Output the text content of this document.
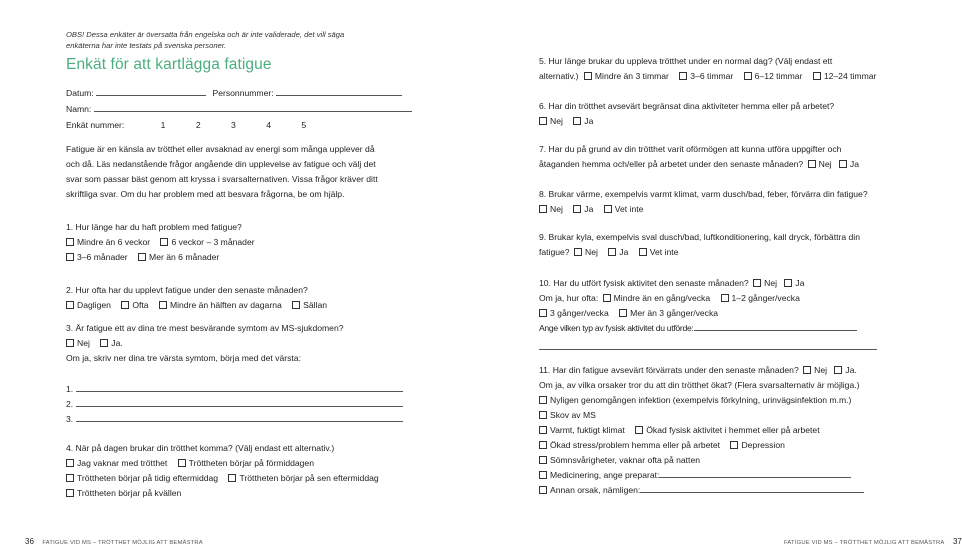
OBS! Dessa enkäter är översatta från engelska och är inte validerade, det vill säga
enkäterna har inte testats på svenska personer.
Enkät för att kartlägga fatigue
Datum:	Personnummer:
Namn:
Enkät nummer:	1	2	3	4	5
Fatigue är en känsla av trötthet eller avsaknad av energi som många upplever då
och då. Läs nedanstående frågor angående din upplevelse av fatigue och välj det
svar som passar bäst genom att kryssa i svarsalternativen. Vissa frågor kräver ditt
skriftliga svar. Om du har problem med att besvara frågorna, be om hjälp.
1. Hur länge har du haft problem med fatigue?
Mindre än 6 veckor 6 veckor – 3 månader
3–6 månader Mer än 6 månader
2. Hur ofta har du upplevt fatigue under den senaste månaden?
Dagligen Ofta Mindre än hälften av dagarna Sällan
3. Är fatigue ett av dina tre mest besvärande symtom av MS-sjukdomen?
Nej Ja.
Om ja, skriv ner dina tre värsta symtom, börja med det värsta:
1.
2.
3.
4. När på dagen brukar din trötthet komma? (Välj endast ett alternativ.)
Jag vaknar med trötthet Tröttheten börjar på förmiddagen
Tröttheten börjar på tidig eftermiddag Tröttheten börjar på sen eftermiddag
Tröttheten börjar på kvällen
36 FATIGUE VID MS – TRÖTTHET MÖJLIG ATT BEMÄSTRA
5. Hur länge brukar du uppleva trötthet under en normal dag? (Välj endast ett
alternativ.) Mindre än 3 timmar 3–6 timmar 6–12 timmar 12–24 timmar
6. Har din trötthet avsevärt begränsat dina aktiviteter hemma eller på arbetet?
Nej Ja
7. Har du på grund av din trötthet varit oförmögen att kunna utföra uppgifter och
åtaganden hemma och/eller på arbetet under den senaste månaden? Nej Ja
8. Brukar värme, exempelvis varmt klimat, varm dusch/bad, feber, förvärra din fatigue?
Nej Ja Vet inte
9. Brukar kyla, exempelvis sval dusch/bad, luftkonditionering, kall dryck, förbättra din
fatigue? Nej Ja Vet inte
10. Har du utfört fysisk aktivitet den senaste månaden? Nej Ja
Om ja, hur ofta: Mindre än en gång/vecka 1–2 gånger/vecka
3 gånger/vecka Mer än 3 gånger/vecka
Ange vilken typ av fysisk aktivitet du utförde:
11. Har din fatigue avsevärt förvärrats under den senaste månaden? Nej Ja.
Om ja, av vilka orsaker tror du att din trötthet ökat? (Flera svarsalternativ är möjliga.)
Nyligen genomgången infektion (exempelvis förkylning, urinvägsinfektion m.m.)
Skov av MS
Varmt, fuktigt klimat Ökad fysisk aktivitet i hemmet eller på arbetet
Ökad stress/problem hemma eller på arbetet Depression
Sömnsvårigheter, vaknar ofta på natten
Medicinering, ange preparat:
Annan orsak, nämligen:
FATIGUE VID MS – TRÖTTHET MÖJLIG ATT BEMÄSTRA 37
